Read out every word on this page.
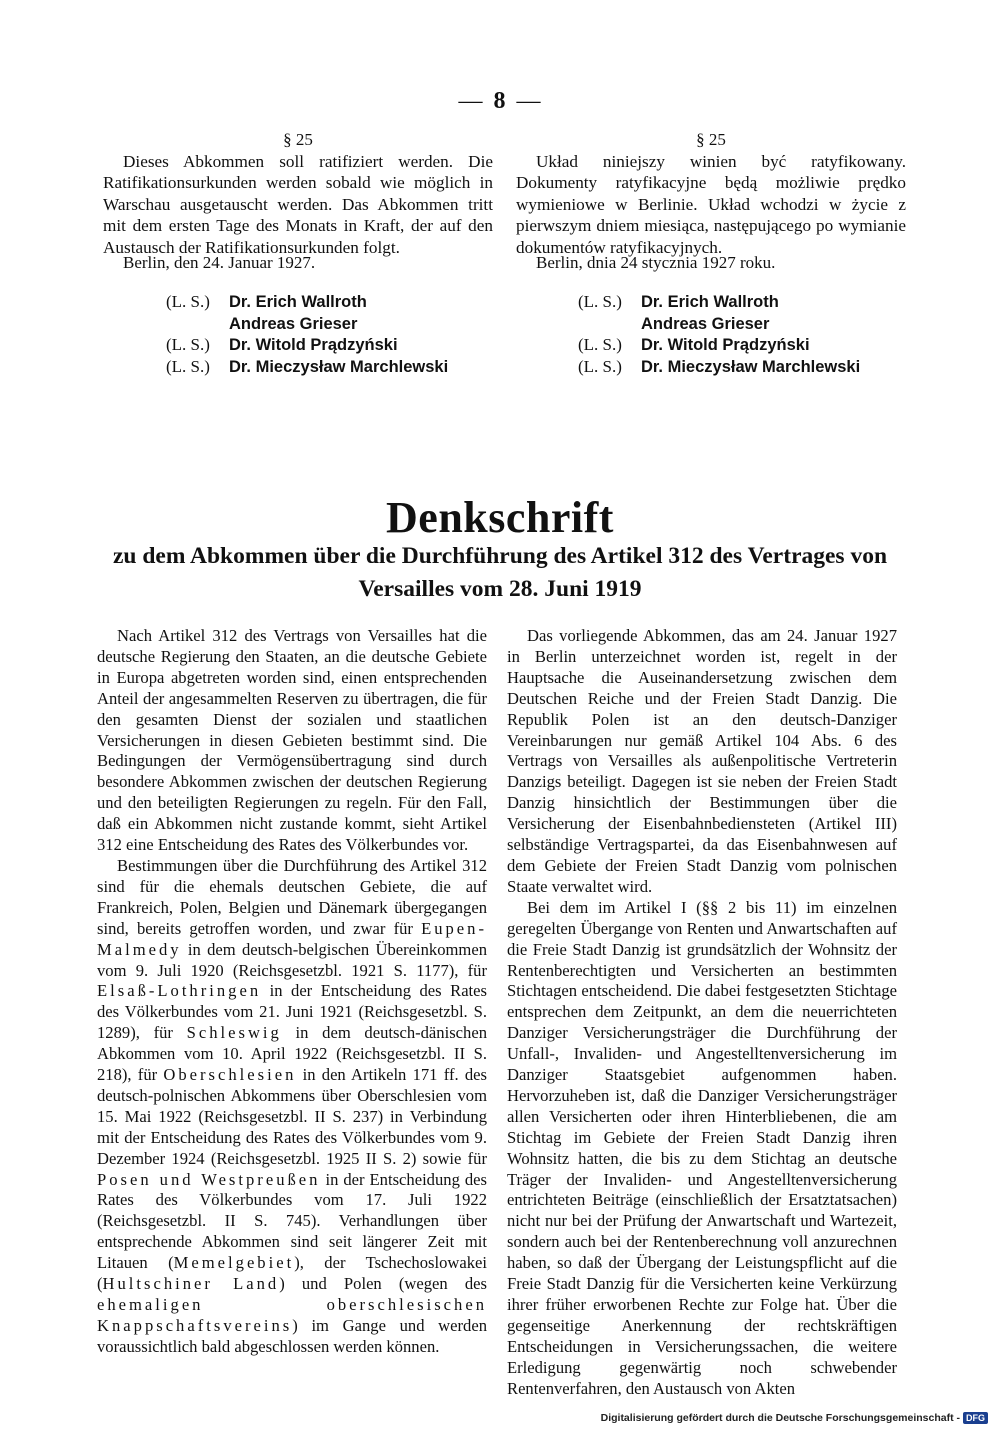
— 8 —
§ 25

Dieses Abkommen soll ratifiziert werden. Die Ratifikationsurkunden werden sobald wie möglich in Warschau ausgetauscht werden. Das Abkommen tritt mit dem ersten Tage des Monats in Kraft, der auf den Austausch der Ratifikationsurkunden folgt.

Berlin, den 24. Januar 1927.
(L. S.) Dr. Erich Wallroth
Andreas Grieser
(L. S.) Dr. Witold Prądzyński
(L. S.) Dr. Mieczysław Marchlewski
§ 25

Układ niniejszy winien być ratyfikowany. Dokumenty ratyfikacyjne będą możliwie prędko wymieniowe w Berlinie. Układ wchodzi w życie z pierwszym dniem miesiąca, następującego po wymianie dokumentów ratyfikacyjnych.

Berlin, dnia 24 stycznia 1927 roku.
(L. S.) Dr. Erich Wallroth
Andreas Grieser
(L. S.) Dr. Witold Prądzyński
(L. S.) Dr. Mieczysław Marchlewski
Denkschrift
zu dem Abkommen über die Durchführung des Artikel 312 des Vertrages von
Versailles vom 28. Juni 1919

Nach Artikel 312 des Vertrags von Versailles hat die deutsche Regierung den Staaten, an die deutsche Gebiete in Europa abgetreten worden sind, einen entsprechenden Anteil der angesammelten Reserven zu übertragen, die für den gesamten Dienst der sozialen und staatlichen Versicherungen in diesen Gebieten bestimmt sind. Die Bedingungen der Vermögensübertragung sind durch besondere Abkommen zwischen der deutschen Regierung und den beteiligten Regierungen zu regeln. Für den Fall, daß ein Abkommen nicht zustande kommt, sieht Artikel 312 eine Entscheidung des Rates des Völkerbundes vor.

Bestimmungen über die Durchführung des Artikel 312 sind für die ehemals deutschen Gebiete, die auf Frankreich, Polen, Belgien und Dänemark übergegangen sind, bereits getroffen worden, und zwar für Eupen-Malmedy in dem deutsch-belgischen Übereinkommen vom 9. Juli 1920 (Reichsgesetzbl. 1921 S. 1177), für Elsaß-Lothringen in der Entscheidung des Rates des Völkerbundes vom 21. Juni 1921 (Reichsgesetzbl. S. 1289), für Schleswig in dem deutsch-dänischen Abkommen vom 10. April 1922 (Reichsgesetzbl. II S. 218), für Oberschlesien in den Artikeln 171 ff. des deutsch-polnischen Abkommens über Oberschlesien vom 15. Mai 1922 (Reichsgesetzbl. II S. 237) in Verbindung mit der Entscheidung des Rates des Völkerbundes vom 9. Dezember 1924 (Reichsgesetzbl. 1925 II S. 2) sowie für Posen und Westpreußen in der Entscheidung des Rates des Völkerbundes vom 17. Juli 1922 (Reichsgesetzbl. II S. 745). Verhandlungen über entsprechende Abkommen sind seit längerer Zeit mit Litauen (Memelgebiet), der Tschechoslowakei (Hultschiner Land) und Polen (wegen des ehemaligen oberschlesischen Knappschaftsvereins) im Gange und werden voraussichtlich bald abgeschlossen werden können.

Das vorliegende Abkommen, das am 24. Januar 1927 in Berlin unterzeichnet worden ist, regelt in der Hauptsache die Auseinandersetzung zwischen dem Deutschen Reiche und der Freien Stadt Danzig. Die Republik Polen ist an den deutsch-Danziger Vereinbarungen nur gemäß Artikel 104 Abs. 6 des Vertrags von Versailles als außenpolitische Vertreterin Danzigs beteiligt. Dagegen ist sie neben der Freien Stadt Danzig hinsichtlich der Bestimmungen über die Versicherung der Eisenbahnbediensteten (Artikel III) selbständige Vertragspartei, da das Eisenbahnwesen auf dem Gebiete der Freien Stadt Danzig vom polnischen Staate verwaltet wird.

Bei dem im Artikel I (§§ 2 bis 11) im einzelnen geregelten Übergange von Renten und Anwartschaften auf die Freie Stadt Danzig ist grundsätzlich der Wohnsitz der Rentenberechtigten und Versicherten an bestimmten Stichtagen entscheidend. Die dabei festgesetzten Stichtage entsprechen dem Zeitpunkt, an dem die neuerrichteten Danziger Versicherungsträger die Durchführung der Unfall-, Invaliden- und Angestelltenversicherung im Danziger Staatsgebiet aufgenommen haben. Hervorzuheben ist, daß die Danziger Versicherungsträger allen Versicherten oder ihren Hinterbliebenen, die am Stichtag im Gebiete der Freien Stadt Danzig ihren Wohnsitz hatten, die bis zu dem Stichtag an deutsche Träger der Invaliden- und Angestelltenversicherung entrichteten Beiträge (einschließlich der Ersatztatsachen) nicht nur bei der Prüfung der Anwartschaft und Wartezeit, sondern auch bei der Rentenberechnung voll anzurechnen haben, so daß der Übergang der Leistungspflicht auf die Freie Stadt Danzig für die Versicherten keine Verkürzung ihrer früher erworbenen Rechte zur Folge hat. Über die gegenseitige Anerkennung der rechtskräftigen Entscheidungen in Versicherungssachen, die weitere Erledigung gegenwärtig noch schwebender Rentenverfahren, den Austausch von Akten

Digitalisierung gefördert durch die Deutsche Forschungsgemeinschaft - DFG
